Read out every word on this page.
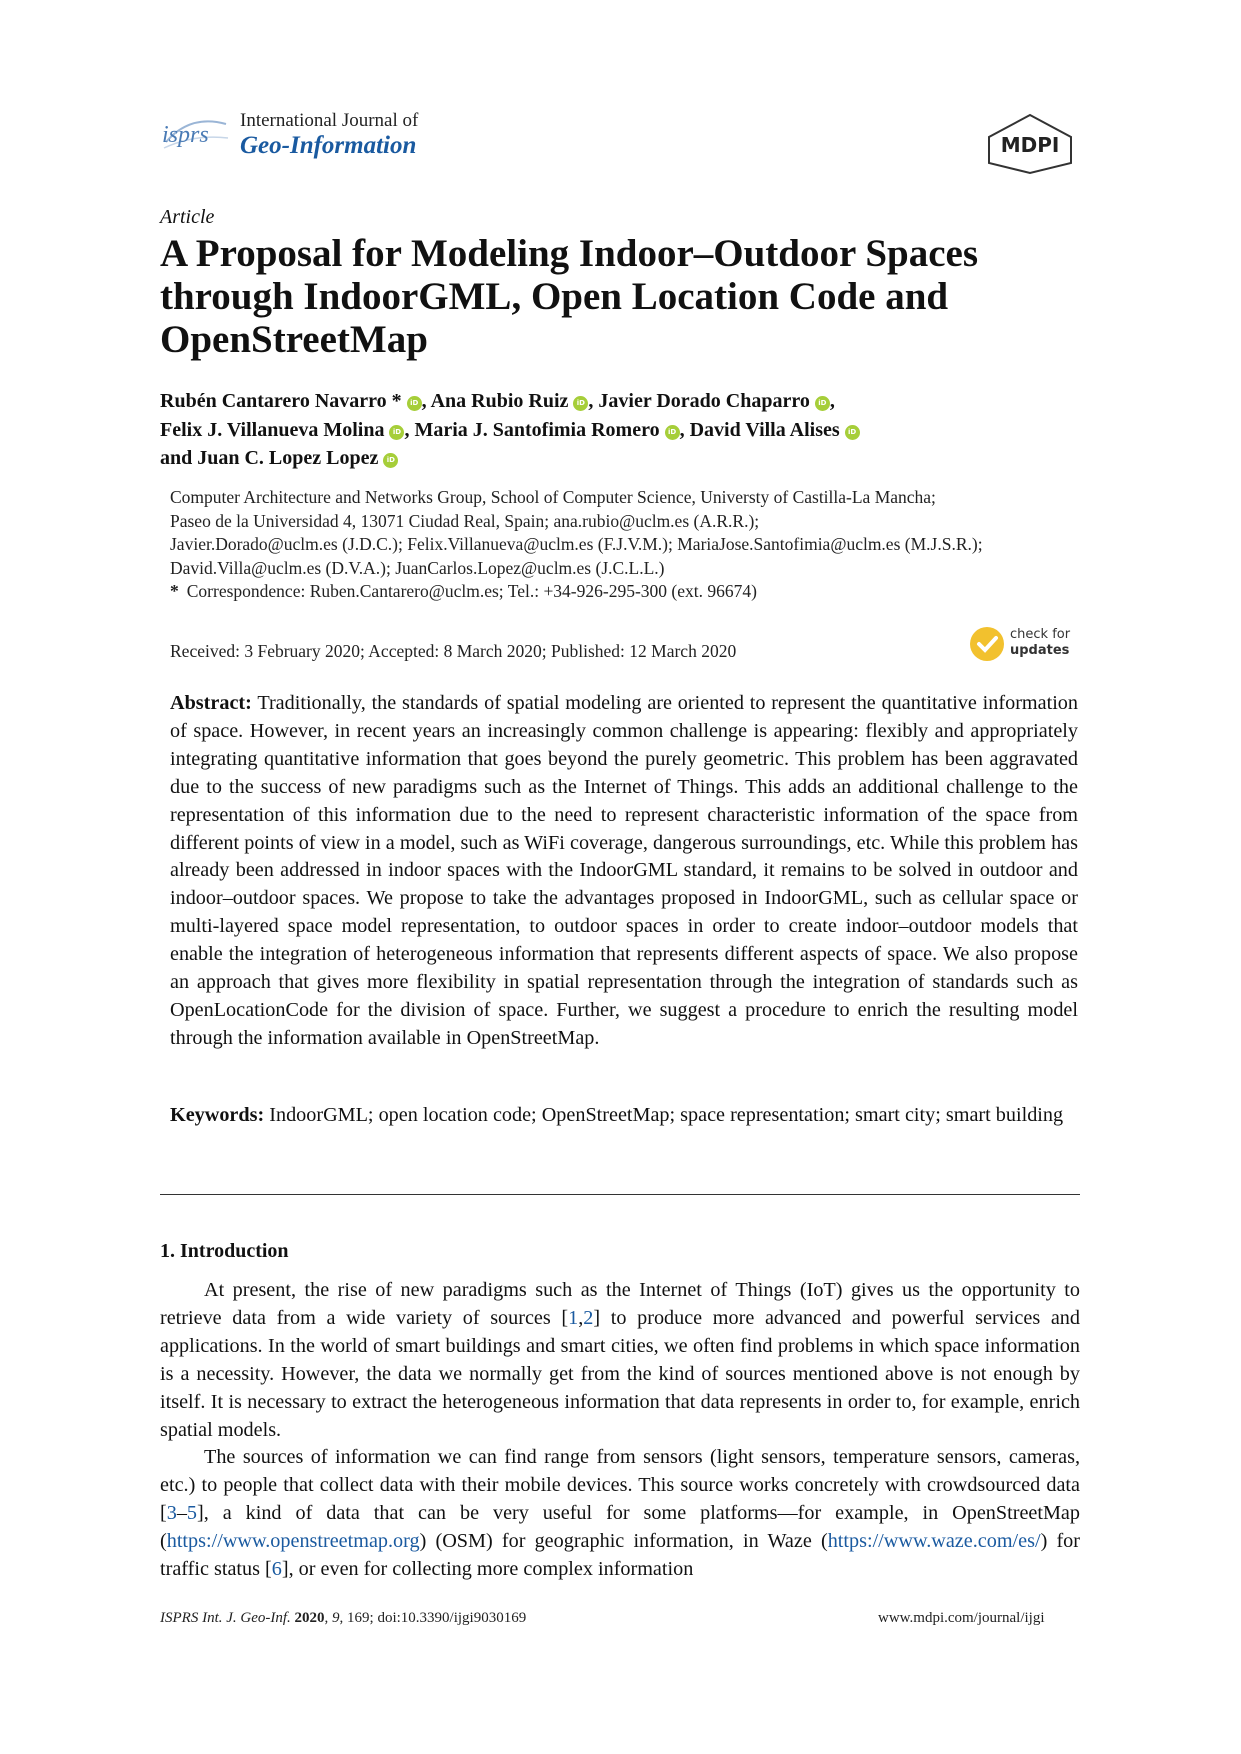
isprs
International Journal of
Geo-Information	MDPI
Article
A Proposal for Modeling Indoor–Outdoor Spaces through IndoorGML, Open Location Code and OpenStreetMap
Rubén Cantarero Navarro * iD , Ana Rubio Ruiz iD , Javier Dorado Chaparro iD ,
Felix J. Villanueva Molina iD , Maria J. Santofimia Romero iD , David Villa Alises iD
and Juan C. Lopez Lopez iD
Computer Architecture and Networks Group, School of Computer Science, Universty of Castilla-La Mancha;
Paseo de la Universidad 4, 13071 Ciudad Real, Spain; ana.rubio@uclm.es (A.R.R.);
Javier.Dorado@uclm.es (J.D.C.); Felix.Villanueva@uclm.es (F.J.V.M.); MariaJose.Santofimia@uclm.es (M.J.S.R.);
David.Villa@uclm.es (D.V.A.); JuanCarlos.Lopez@uclm.es (J.C.L.L.)
* Correspondence: Ruben.Cantarero@uclm.es; Tel.: +34-926-295-300 (ext. 96674)
Received: 3 February 2020; Accepted: 8 March 2020; Published: 12 March 2020
check for
updates
Abstract: Traditionally, the standards of spatial modeling are oriented to represent the quantitative information of space. However, in recent years an increasingly common challenge is appearing: flexibly and appropriately integrating quantitative information that goes beyond the purely geometric. This problem has been aggravated due to the success of new paradigms such as the Internet of Things. This adds an additional challenge to the representation of this information due to the need to represent characteristic information of the space from different points of view in a model, such as WiFi coverage, dangerous surroundings, etc. While this problem has already been addressed in indoor spaces with the IndoorGML standard, it remains to be solved in outdoor and indoor–outdoor spaces. We propose to take the advantages proposed in IndoorGML, such as cellular space or multi-layered space model representation, to outdoor spaces in order to create indoor–outdoor models that enable the integration of heterogeneous information that represents different aspects of space. We also propose an approach that gives more flexibility in spatial representation through the integration of standards such as OpenLocationCode for the division of space. Further, we suggest a procedure to enrich the resulting model through the information available in OpenStreetMap.
Keywords: IndoorGML; open location code; OpenStreetMap; space representation; smart city; smart building
1. Introduction

At present, the rise of new paradigms such as the Internet of Things (IoT) gives us the opportunity to retrieve data from a wide variety of sources [1,2] to produce more advanced and powerful services and applications. In the world of smart buildings and smart cities, we often find problems in which space information is a necessity. However, the data we normally get from the kind of sources mentioned above is not enough by itself. It is necessary to extract the heterogeneous information that data represents in order to, for example, enrich spatial models.

The sources of information we can find range from sensors (light sensors, temperature sensors, cameras, etc.) to people that collect data with their mobile devices. This source works concretely with crowdsourced data [3–5], a kind of data that can be very useful for some platforms—for example, in OpenStreetMap (https://www.openstreetmap.org) (OSM) for geographic information, in Waze (https://www.waze.com/es/) for traffic status [6], or even for collecting more complex information

ISPRS Int. J. Geo-Inf. 2020, 9, 169; doi:10.3390/ijgi9030169	www.mdpi.com/journal/ijgi
